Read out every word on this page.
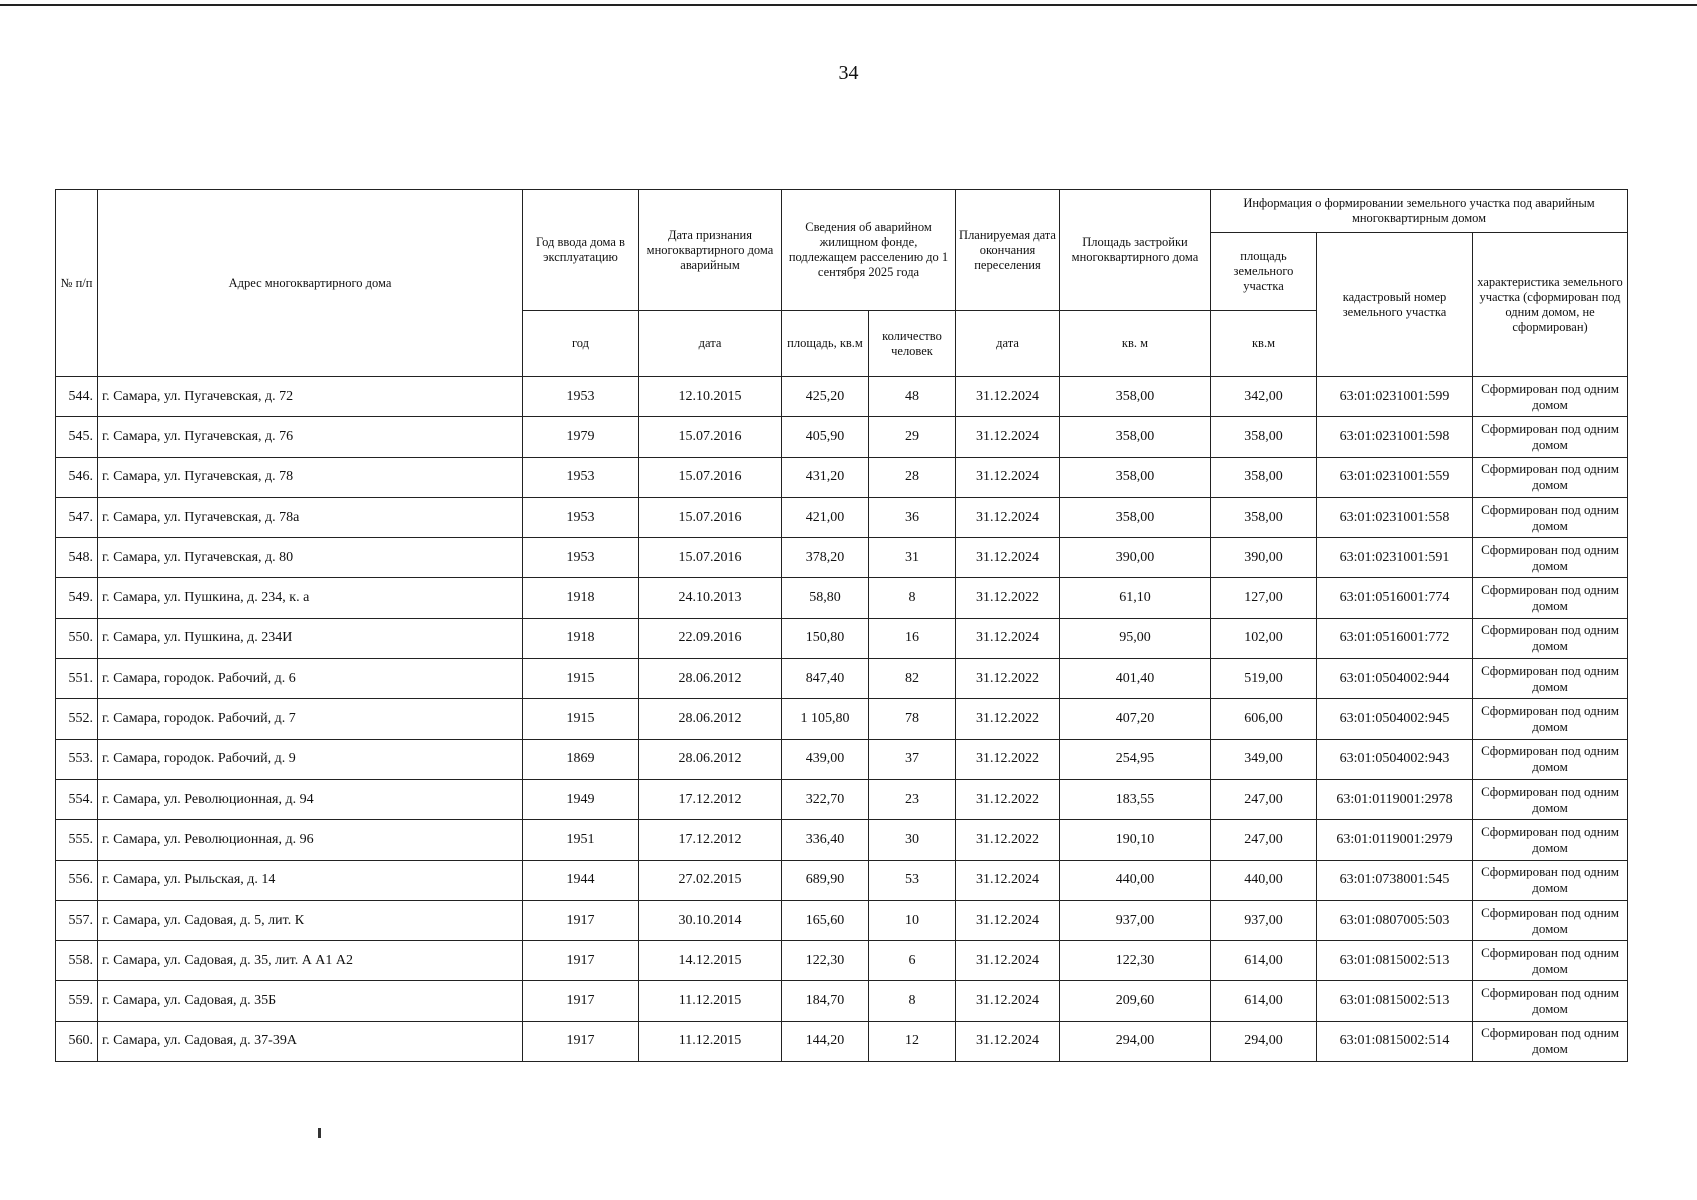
34
№ п/п	Адрес многоквартирного дома	Год ввода дома в эксплуатацию	Дата признания многоквартирного дома аварийным	Сведения об аварийном жилищном фонде, подлежащем расселению до 1 сентября 2025 года		Планируемая дата окончания переселения	Площадь застройки многоквартирного дома	Информация о формировании земельного участка под аварийным многоквартирным домом		
								площадь земельного участка	кадастровый номер земельного участка	характеристика земельного участка (сформирован под одним домом, не сформирован)
		год	дата	площадь, кв.м	количество человек	дата	кв. м	кв.м		
544.	г. Самара, ул. Пугачевская, д. 72	1953	12.10.2015	425,20	48	31.12.2024	358,00	342,00	63:01:0231001:599	Сформирован под одним домом
545.	г. Самара, ул. Пугачевская, д. 76	1979	15.07.2016	405,90	29	31.12.2024	358,00	358,00	63:01:0231001:598	Сформирован под одним домом
546.	г. Самара, ул. Пугачевская, д. 78	1953	15.07.2016	431,20	28	31.12.2024	358,00	358,00	63:01:0231001:559	Сформирован под одним домом
547.	г. Самара, ул. Пугачевская, д. 78а	1953	15.07.2016	421,00	36	31.12.2024	358,00	358,00	63:01:0231001:558	Сформирован под одним домом
548.	г. Самара, ул. Пугачевская, д. 80	1953	15.07.2016	378,20	31	31.12.2024	390,00	390,00	63:01:0231001:591	Сформирован под одним домом
549.	г. Самара, ул. Пушкина, д. 234, к. а	1918	24.10.2013	58,80	8	31.12.2022	61,10	127,00	63:01:0516001:774	Сформирован под одним домом
550.	г. Самара, ул. Пушкина, д. 234И	1918	22.09.2016	150,80	16	31.12.2024	95,00	102,00	63:01:0516001:772	Сформирован под одним домом
551.	г. Самара, городок. Рабочий, д. 6	1915	28.06.2012	847,40	82	31.12.2022	401,40	519,00	63:01:0504002:944	Сформирован под одним домом
552.	г. Самара, городок. Рабочий, д. 7	1915	28.06.2012	1 105,80	78	31.12.2022	407,20	606,00	63:01:0504002:945	Сформирован под одним домом
553.	г. Самара, городок. Рабочий, д. 9	1869	28.06.2012	439,00	37	31.12.2022	254,95	349,00	63:01:0504002:943	Сформирован под одним домом
554.	г. Самара, ул. Революционная, д. 94	1949	17.12.2012	322,70	23	31.12.2022	183,55	247,00	63:01:0119001:2978	Сформирован под одним домом
555.	г. Самара, ул. Революционная, д. 96	1951	17.12.2012	336,40	30	31.12.2022	190,10	247,00	63:01:0119001:2979	Сформирован под одним домом
556.	г. Самара, ул. Рыльская, д. 14	1944	27.02.2015	689,90	53	31.12.2024	440,00	440,00	63:01:0738001:545	Сформирован под одним домом
557.	г. Самара, ул. Садовая, д. 5, лит. К	1917	30.10.2014	165,60	10	31.12.2024	937,00	937,00	63:01:0807005:503	Сформирован под одним домом
558.	г. Самара, ул. Садовая, д. 35, лит. А А1 А2	1917	14.12.2015	122,30	6	31.12.2024	122,30	614,00	63:01:0815002:513	Сформирован под одним домом
559.	г. Самара, ул. Садовая, д. 35Б	1917	11.12.2015	184,70	8	31.12.2024	209,60	614,00	63:01:0815002:513	Сформирован под одним домом
560.	г. Самара, ул. Садовая, д. 37-39А	1917	11.12.2015	144,20	12	31.12.2024	294,00	294,00	63:01:0815002:514	Сформирован под одним домом
